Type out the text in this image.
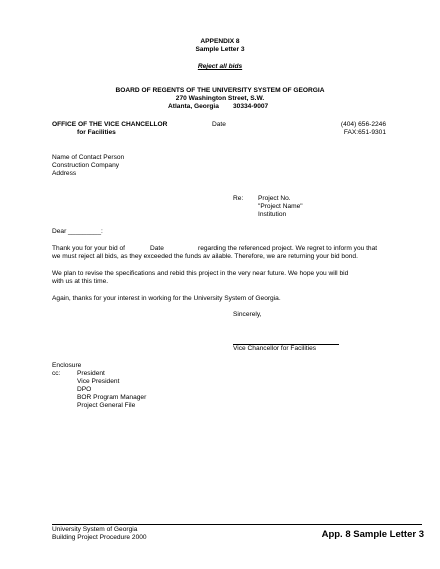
APPENDIX 8
Sample Letter 3
Reject all bids
BOARD OF REGENTS OF THE UNIVERSITY SYSTEM OF GEORGIA
270 Washington Street, S.W.
Atlanta, Georgia 30334-9007
OFFICE OF THE VICE CHANCELLOR
for Facilities
Date	(404) 656-2246
FAX:651-9301
Name of Contact Person
Construction Company
Address
Re: Project No.
"Project Name"
Institution
Dear _________:
Thank you for your bid of	Date	regarding the referenced project. We regret to inform you that
we must reject all bids, as they exceeded the funds av ailable. Therefore, we are returning your bid bond.
We plan to revise the specifications and rebid this project in the very near future. We hope you will bid
with us at this time.
Again, thanks for your interest in working for the University System of Georgia.
Sincerely,
Vice Chancellor for Facilities
Enclosure
cc:	President
Vice President
DPO
BOR Program Manager
Project General File
University System of Georgia
Building Project Procedure 2000	App. 8 Sample Letter 3
